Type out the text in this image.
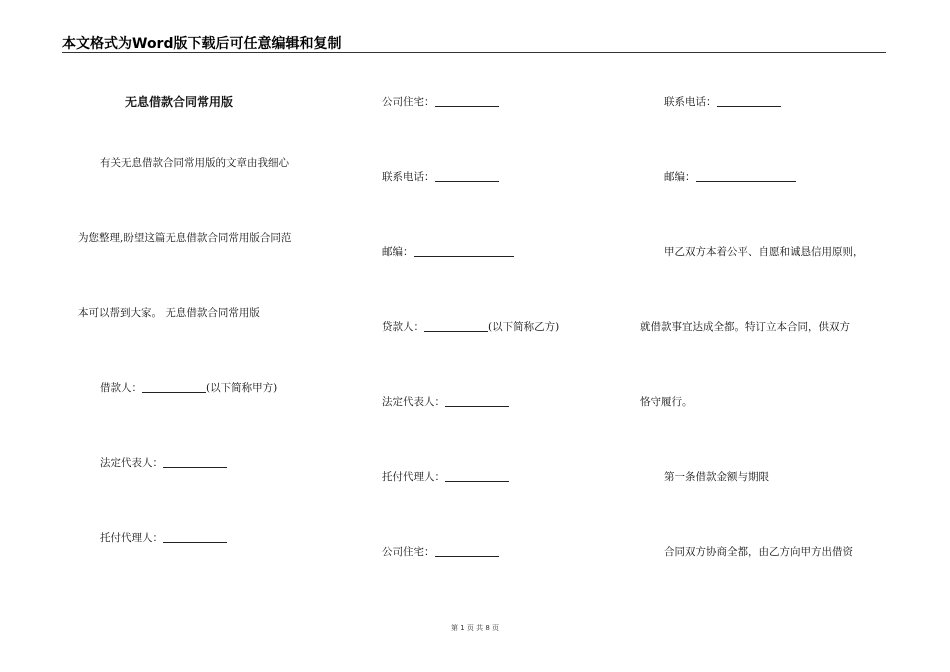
本文格式为Word版下载后可任意编辑和复制
无息借款合同常用版
有关无息借款合同常用版的文章由我细心
为您整理,盼望这篇无息借款合同常用版合同范
本可以帮到大家。 无息借款合同常用版
借款人：	(以下简称甲方)
法定代表人：
托付代理人：
公司住宅：
联系电话：
邮编：
贷款人：	(以下简称乙方)
法定代表人：
托付代理人：
公司住宅：
联系电话：
邮编：
甲乙双方本着公平、自愿和诚恳信用原则，
就借款事宜达成全都。特订立本合同，供双方
恪守履行。
第一条借款金额与期限
合同双方协商全都，由乙方向甲方出借资
第 1 页 共 8 页
